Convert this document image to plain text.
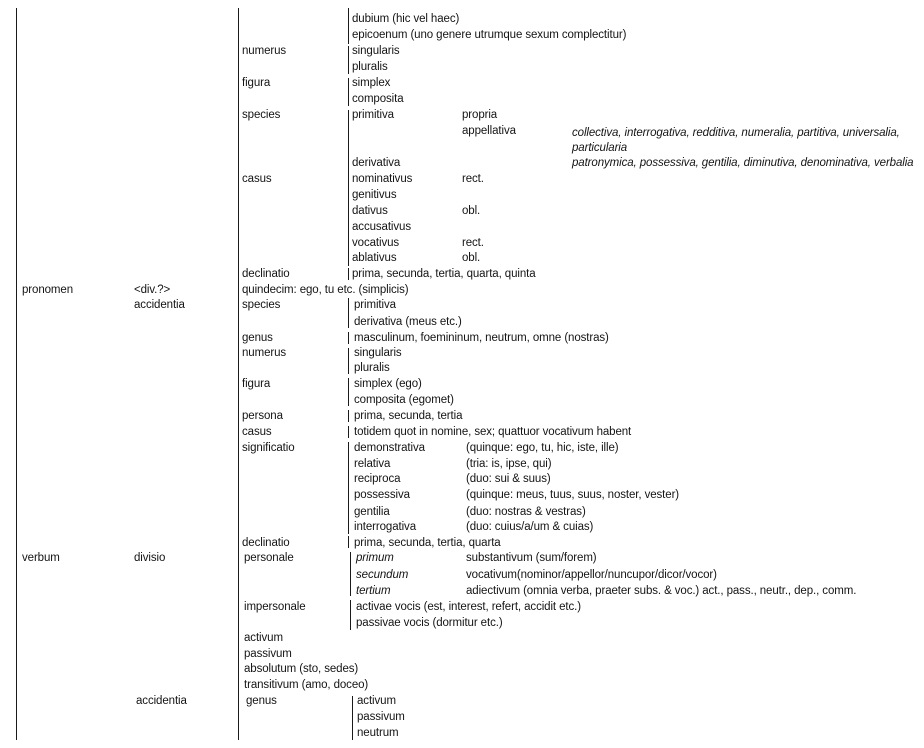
dubium (hic vel haec)
epicoenum (uno genere utrumque sexum complectitur)
numerus	singularis
pluralis
figura	simplex
composita
species	primitiva	propria
appellativa	collectiva, interrogativa, redditiva, numeralia, partitiva, universalia,
particularia
derivativa	patronymica, possessiva, gentilia, diminutiva, denominativa, verbalia
casus	nominativus	rect.
genitivus
dativus	obl.
accusativus
vocativus	rect.
ablativus	obl.
declinatio	prima, secunda, tertia, quarta, quinta
pronomen	<div.?>	quindecim: ego, tu etc. (simplicis)
accidentia	species	primitiva
derivativa (meus etc.)
genus	masculinum, foemininum, neutrum, omne (nostras)
numerus	singularis
pluralis
figura	simplex (ego)
composita (egomet)
persona	prima, secunda, tertia
casus	totidem quot in nomine, sex; quattuor vocativum habent
significatio	demonstrativa	(quinque: ego, tu, hic, iste, ille)
relativa	(tria: is, ipse, qui)
reciproca	(duo: sui & suus)
possessiva	(quinque: meus, tuus, suus, noster, vester)
gentilia	(duo: nostras & vestras)
interrogativa	(duo: cuius/a/um & cuias)
declinatio	prima, secunda, tertia, quarta
verbum	divisio	personale	primum	substantivum (sum/forem)
secundum	vocativum(nominor/appellor/nuncupor/dicor/vocor)
tertium	adiectivum (omnia verba, praeter subs. & voc.) act., pass., neutr., dep., comm.
impersonale	activae vocis (est, interest, refert, accidit etc.)
passivae vocis (dormitur etc.)
activum
passivum
absolutum (sto, sedes)
transitivum (amo, doceo)
accidentia	genus	activum
passivum
neutrum
